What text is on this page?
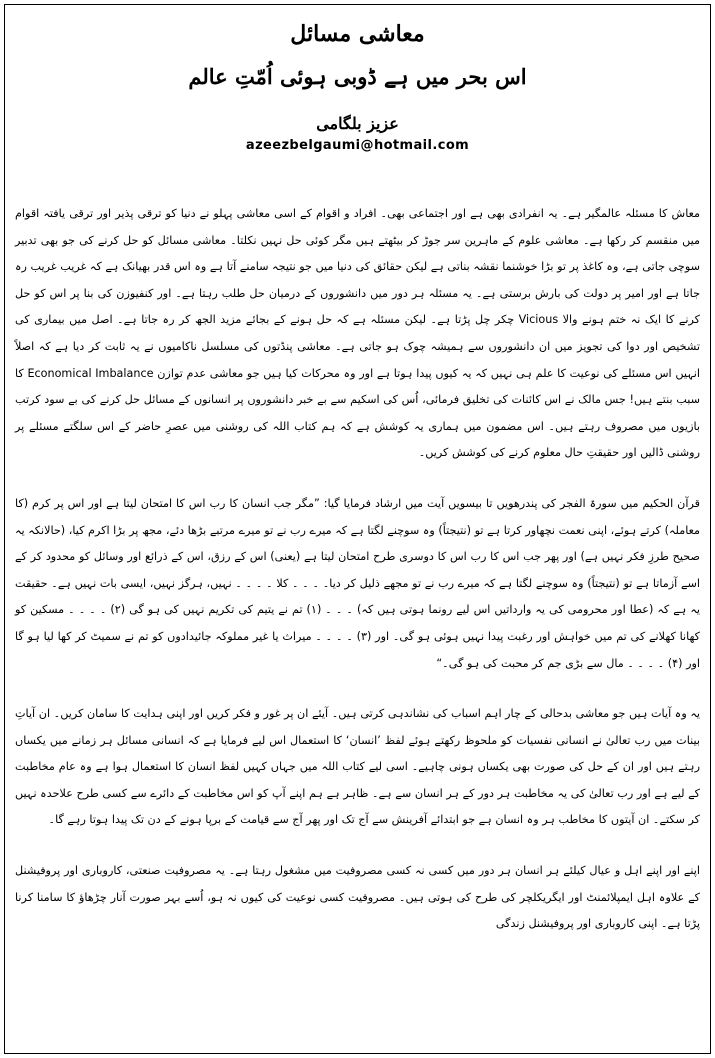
معاشی مسائل
اس بحر میں ہے ڈوبی ہوئی اُمّتِ عالم
عزیز بلگامی
azeezbelgaumi@hotmail.com

معاش کا مسئلہ عالمگیر ہے۔ یہ انفرادی بھی ہے اور اجتماعی بھی۔ افراد و اقوام کے اسی معاشی پہلو نے دنیا کو ترقی پذیر اور ترقی یافتہ اقوام میں منقسم کر رکھا ہے۔ معاشی علوم کے ماہرین سر جوڑ کر بیٹھتے ہیں مگر کوئی حل نہیں نکلتا۔ معاشی مسائل کو حل کرنے کی جو بھی تدبیر سوچی جاتی ہے، وہ کاغذ پر تو بڑا خوشنما نقشہ بناتی ہے لیکن حقائق کی دنیا میں جو نتیجہ سامنے آتا ہے وہ اس قدر بھیانک ہے کہ غریب غریب رہ جاتا ہے اور امیر پر دولت کی بارش برستی ہے۔ یہ مسئلہ ہر دور میں دانشوروں کے درمیان حل طلب رہتا ہے۔ اور کنفیوزن کی بنا پر اس کو حل کرنے کا ایک نہ ختم ہونے والا Vicious چکر چل پڑتا ہے۔ لیکن مسئلہ ہے کہ حل ہونے کے بجائے مزید الجھ کر رہ جاتا ہے۔ اصل میں بیماری کی تشخیص اور دوا کی تجویز میں ان دانشوروں سے ہمیشہ چوک ہو جاتی ہے۔ معاشی پنڈتوں کی مسلسل ناکامیوں نے یہ ثابت کر دیا ہے کہ اصلاً انہیں اس مسئلے کی نوعیت کا علم ہی نہیں کہ یہ کیوں پیدا ہوتا ہے اور وہ محرکات کیا ہیں جو معاشی عدم توازن Economical Imbalance کا سبب بنتے ہیں! جس مالک نے اس کائنات کی تخلیق فرمائی، اُس کی اسکیم سے بے خبر دانشوروں پر انسانوں کے مسائل حل کرنے کی بے سود کرتب بازیوں میں مصروف رہتے ہیں۔ اس مضمون میں ہماری یہ کوشش ہے کہ ہم کتاب اللہ کی روشنی میں عصرِ حاضر کے اس سلگتے مسئلے پر روشنی ڈالیں اور حقیقتِ حال معلوم کرنے کی کوشش کریں۔

قرآن الحکیم میں سورۃ الفجر کی پندرھویں تا بیسویں آیت میں ارشاد فرمایا گیا: ”مگر جب انسان کا رب اس کا امتحان لیتا ہے اور اس پر کرم (کا معاملہ) کرتے ہوئے، اپنی نعمت نچھاور کرتا ہے تو (نتیجتاً) وہ سوچنے لگتا ہے کہ میرے رب نے تو میرے مرتبے بڑھا دئے، مجھ پر بڑا اکرم کیا، (حالانکہ یہ صحیح طرزِ فکر نہیں ہے) اور پھر جب اس کا رب اس کا دوسری طرح امتحان لیتا ہے (یعنی) اس کے رزق، اس کے ذرائع اور وسائل کو محدود کر کے اسے آزماتا ہے تو (نتیجتاً) وہ سوچنے لگتا ہے کہ میرے رب نے تو مجھے ذلیل کر دیا۔ ۔ ۔ ۔ کلا ۔ ۔ ۔ ۔ نہیں، ہرگز نہیں، ایسی بات نہیں ہے۔ حقیقت یہ ہے کہ (عطا اور محرومی کی یہ وارداتیں اس لیے رونما ہوتی ہیں کہ) ۔ ۔ ۔ (۱) تم نے یتیم کی تکریم نہیں کی ہو گی (۲) ۔ ۔ ۔ ۔ مسکین کو کھانا کھلانے کی تم میں خواہش اور رغبت پیدا نہیں ہوئی ہو گی۔ اور (۳) ۔ ۔ ۔ ۔ میراث یا غیر مملوکہ جائیدادوں کو تم نے سمیٹ کر کھا لیا ہو گا اور (۴) ۔ ۔ ۔ ۔ مال سے بڑی جم کر محبت کی ہو گی۔“

یہ وہ آیات ہیں جو معاشی بدحالی کے چار اہم اسباب کی نشاندہی کرتی ہیں۔ آیئے ان پر غور و فکر کریں اور اپنی ہدایت کا سامان کریں۔ ان آیاتِ بینات میں رب تعالیٰ نے انسانی نفسیات کو ملحوظ رکھتے ہوئے لفظ ’انسان‘ کا استعمال اس لیے فرمایا ہے کہ انسانی مسائل ہر زمانے میں یکساں رہتے ہیں اور ان کے حل کی صورت بھی یکساں ہونی چاہیے۔ اسی لیے کتاب اللہ میں جہاں کہیں لفظ انسان کا استعمال ہوا ہے وہ عام مخاطبت کے لیے ہے اور رب تعالیٰ کی یہ مخاطبت ہر دور کے ہر انسان سے ہے۔ ظاہر ہے ہم اپنے آپ کو اس مخاطبت کے دائرے سے کسی طرح علاحدہ نہیں کر سکتے۔ ان آیتوں کا مخاطب ہر وہ انسان ہے جو ابتدائے آفرینش سے آج تک اور پھر آج سے قیامت کے برپا ہونے کے دن تک پیدا ہوتا رہے گا۔

اپنے اور اپنے اہل و عیال کیلئے ہر انسان ہر دور میں کسی نہ کسی مصروفیت میں مشغول رہتا ہے۔ یہ مصروفیت صنعتی، کاروباری اور پروفیشنل کے علاوہ اہل ایمپلائمنٹ اور ایگریکلچر کی طرح کی ہوتی ہیں۔ مصروفیت کسی نوعیت کی کیوں نہ ہو، اُسے بہر صورت آنار چڑھاؤ کا سامنا کرنا پڑتا ہے۔ اپنی کاروباری اور پروفیشنل زندگی
